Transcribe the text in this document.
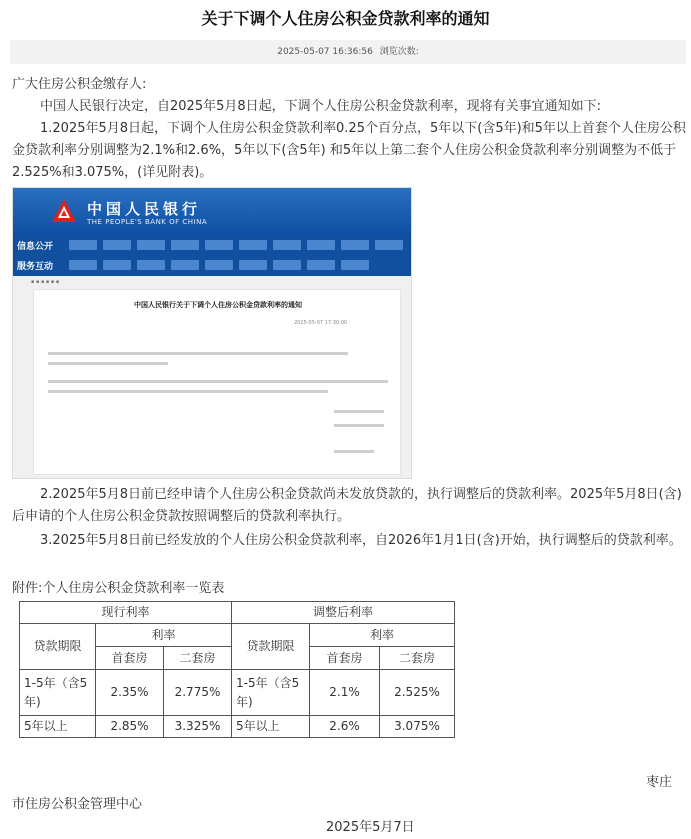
关于下调个人住房公积金贷款利率的通知
2025-05-07 16:36:56 浏览次数:

广大住房公积金缴存人:

中国人民银行决定，自2025年5月8日起，下调个人住房公积金贷款利率，现将有关事宜通知如下:

1.2025年5月8日起，下调个人住房公积金贷款利率0.25个百分点，5年以下(含5年)和5年以上首套个人住房公积金贷款利率分别调整为2.1%和2.6%，5年以下(含5年) 和5年以上第二套个人住房公积金贷款利率分别调整为不低于2.525%和3.075%，(详见附表)。

中国人民银行
THE PEOPLE'S BANK OF CHINA
信息公开
服务互动
▪ ▪ ▪ ▪ ▪ ▪
中国人民银行关于下调个人住房公积金贷款利率的通知
2025-05-07 17:30:00

2.2025年5月8日前已经申请个人住房公积金贷款尚未发放贷款的，执行调整后的贷款利率。2025年5月8日(含)后申请的个人住房公积金贷款按照调整后的贷款利率执行。

3.2025年5月8日前已经发放的个人住房公积金贷款利率，自2026年1月1日(含)开始，执行调整后的贷款利率。

附件:个人住房公积金贷款利率一览表

现行利率			调整后利率		
贷款期限	利率		贷款期限	利率	
	首套房	二套房		首套房	二套房
1-5年（含5年)	2.35%	2.775%	1-5年（含5年)	2.1%	2.525%
5年以上	2.85%	3.325%	5年以上	2.6%	3.075%
枣庄
市住房公积金管理中心
2025年5月7日
